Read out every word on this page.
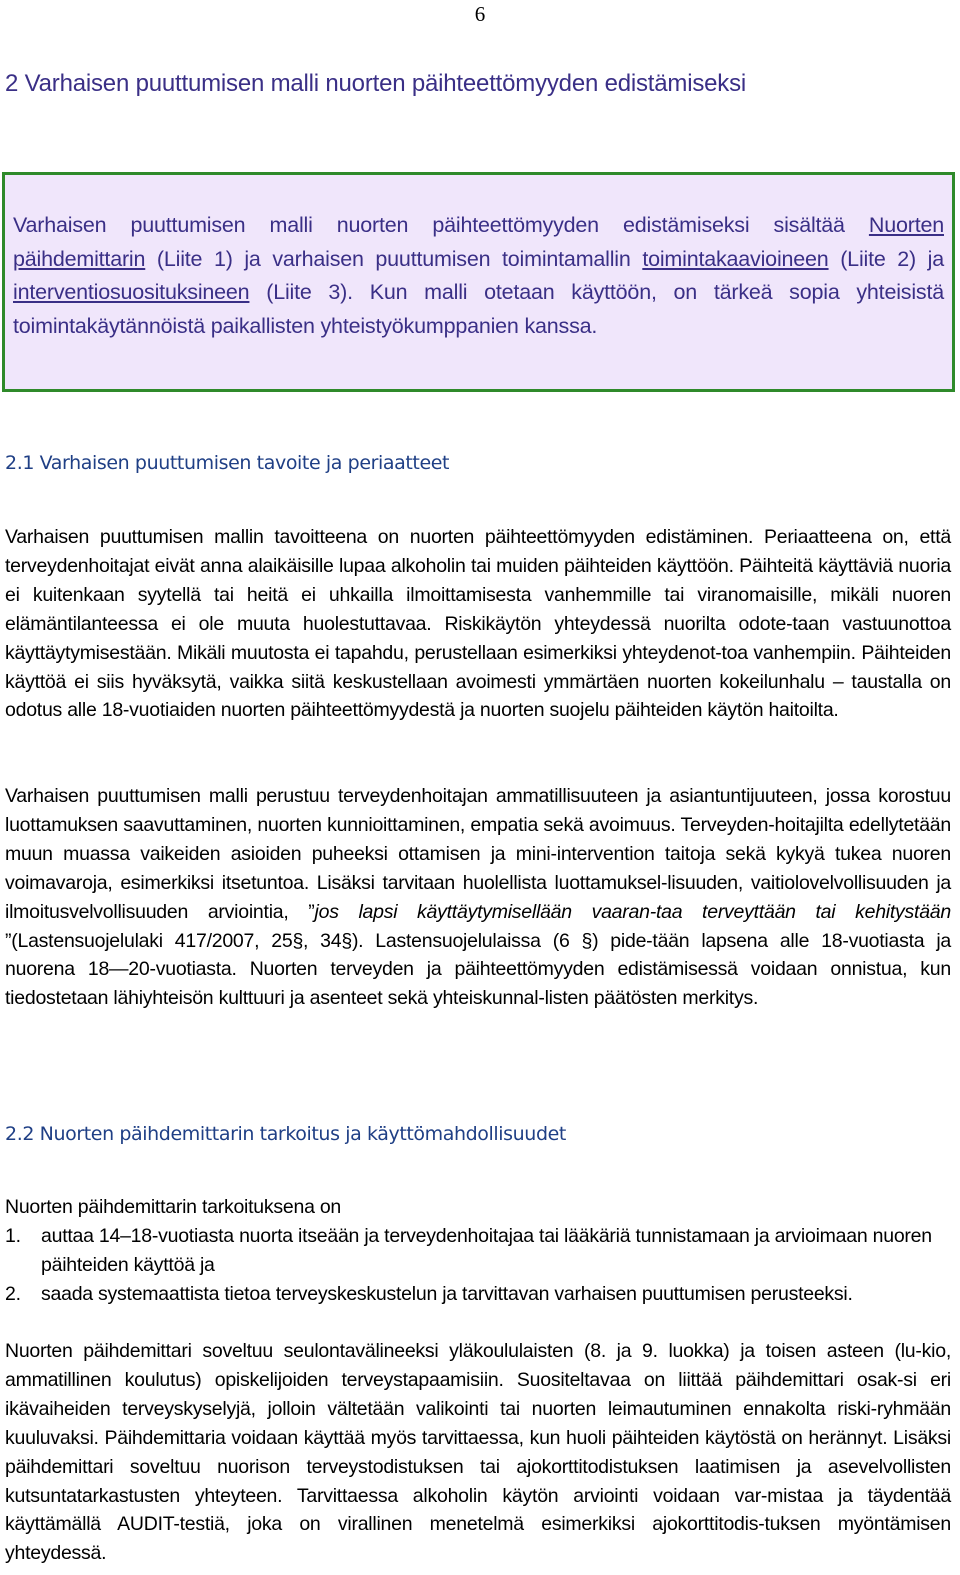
6
2 Varhaisen puuttumisen malli nuorten päihteettömyyden edistämiseksi

Varhaisen puuttumisen malli nuorten päihteettömyyden edistämiseksi sisältää Nuorten päihdemittarin (Liite 1) ja varhaisen puuttumisen toimintamallin toimintakaavioineen (Liite 2) ja interventiosuosituksineen (Liite 3). Kun malli otetaan käyttöön, on tärkeä sopia yhteisistä toimintakäytännöistä paikallisten yhteistyökumppanien kanssa.

2.1 Varhaisen puuttumisen tavoite ja periaatteet

Varhaisen puuttumisen mallin tavoitteena on nuorten päihteettömyyden edistäminen. Periaatteena on, että terveydenhoitajat eivät anna alaikäisille lupaa alkoholin tai muiden päihteiden käyttöön. Päihteitä käyttäviä nuoria ei kuitenkaan syytellä tai heitä ei uhkailla ilmoittamisesta vanhemmille tai viranomaisille, mikäli nuoren elämäntilanteessa ei ole muuta huolestuttavaa. Riskikäytön yhteydessä nuorilta odote-taan vastuunottoa käyttäytymisestään. Mikäli muutosta ei tapahdu, perustellaan esimerkiksi yhteydenot-toa vanhempiin. Päihteiden käyttöä ei siis hyväksytä, vaikka siitä keskustellaan avoimesti ymmärtäen nuorten kokeilunhalu – taustalla on odotus alle 18-vuotiaiden nuorten päihteettömyydestä ja nuorten suojelu päihteiden käytön haitoilta.

Varhaisen puuttumisen malli perustuu terveydenhoitajan ammatillisuuteen ja asiantuntijuuteen, jossa korostuu luottamuksen saavuttaminen, nuorten kunnioittaminen, empatia sekä avoimuus. Terveyden-hoitajilta edellytetään muun muassa vaikeiden asioiden puheeksi ottamisen ja mini-intervention taitoja sekä kykyä tukea nuoren voimavaroja, esimerkiksi itsetuntoa. Lisäksi tarvitaan huolellista luottamuksel-lisuuden, vaitiolovelvollisuuden ja ilmoitusvelvollisuuden arviointia, ”jos lapsi käyttäytymisellään vaaran-taa terveyttään tai kehitystään ”(Lastensuojelulaki 417/2007, 25§, 34§). Lastensuojelulaissa (6 §) pide-tään lapsena alle 18-vuotiasta ja nuorena 18—20-vuotiasta. Nuorten terveyden ja päihteettömyyden edistämisessä voidaan onnistua, kun tiedostetaan lähiyhteisön kulttuuri ja asenteet sekä yhteiskunnal-listen päätösten merkitys.

2.2 Nuorten päihdemittarin tarkoitus ja käyttömahdollisuudet

Nuorten päihdemittarin tarkoituksena on

1. auttaa 14–18-vuotiasta nuorta itseään ja terveydenhoitajaa tai lääkäriä tunnistamaan ja arvioimaan nuoren päihteiden käyttöä ja
2. saada systemaattista tietoa terveyskeskustelun ja tarvittavan varhaisen puuttumisen perusteeksi.

Nuorten päihdemittari soveltuu seulontavälineeksi yläkoululaisten (8. ja 9. luokka) ja toisen asteen (lu-kio, ammatillinen koulutus) opiskelijoiden terveystapaamisiin. Suositeltavaa on liittää päihdemittari osak-si eri ikävaiheiden terveyskyselyjä, jolloin vältetään valikointi tai nuorten leimautuminen ennakolta riski-ryhmään kuuluvaksi. Päihdemittaria voidaan käyttää myös tarvittaessa, kun huoli päihteiden käytöstä on herännyt. Lisäksi päihdemittari soveltuu nuorison terveystodistuksen tai ajokorttitodistuksen laatimisen ja asevelvollisten kutsuntatarkastusten yhteyteen. Tarvittaessa alkoholin käytön arviointi voidaan var-mistaa ja täydentää käyttämällä AUDIT-testiä, joka on virallinen menetelmä esimerkiksi ajokorttitodis-tuksen myöntämisen yhteydessä.
